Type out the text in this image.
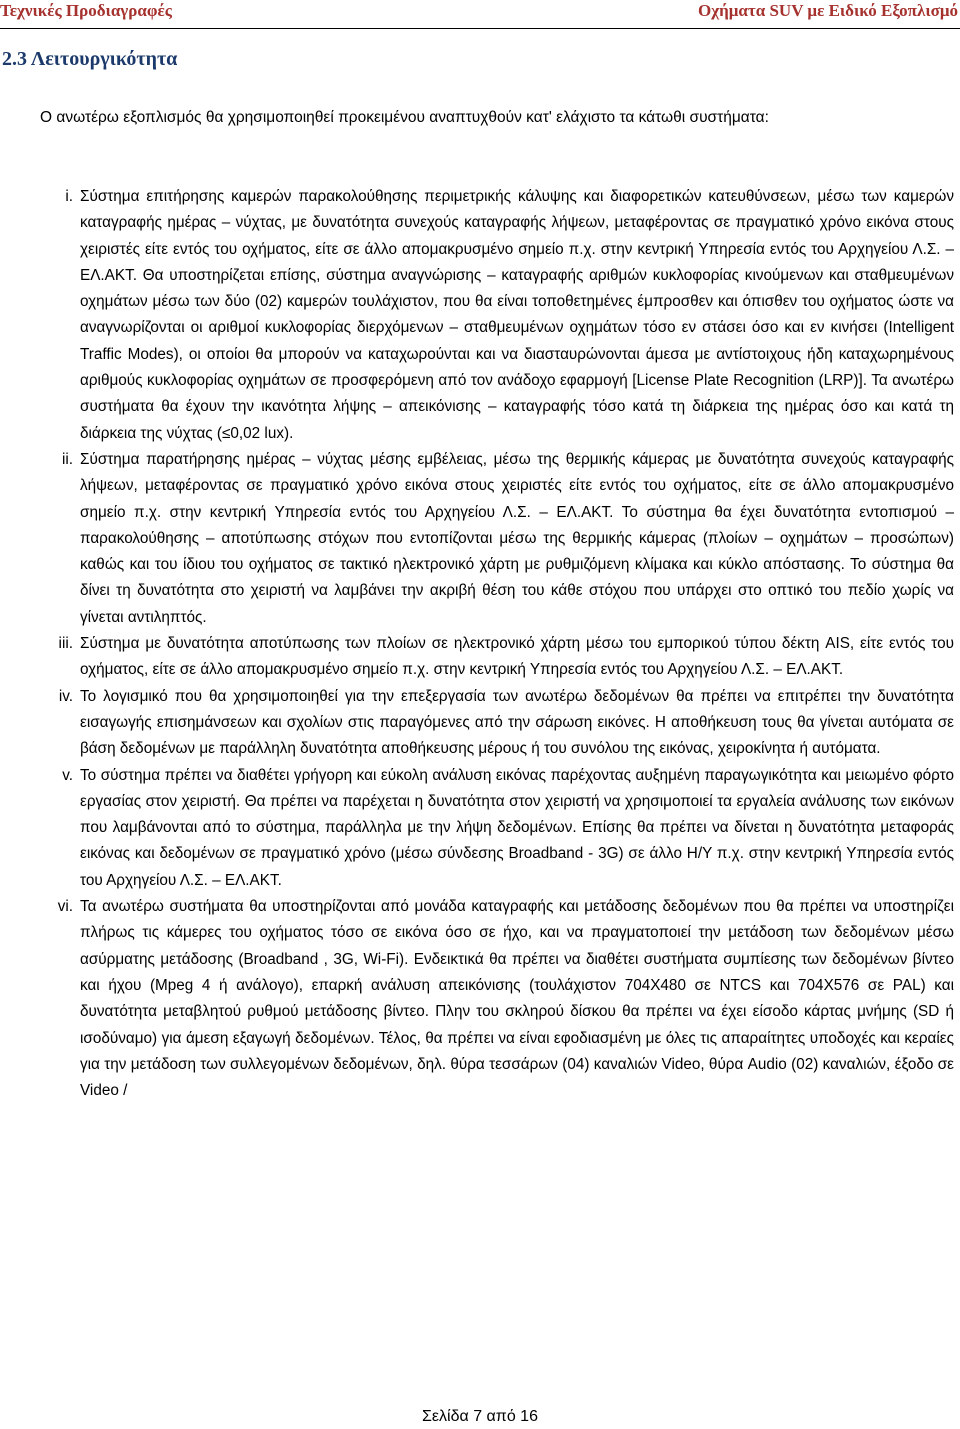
Τεχνικές Προδιαγραφές	Οχήματα SUV με Ειδικό Εξοπλισμό
2.3 Λειτουργικότητα

Ο ανωτέρω εξοπλισμός θα χρησιμοποιηθεί προκειμένου αναπτυχθούν κατ' ελάχιστο τα κάτωθι συστήματα:

i. Σύστημα επιτήρησης καμερών παρακολούθησης περιμετρικής κάλυψης και διαφορετικών κατευθύνσεων, μέσω των καμερών καταγραφής ημέρας – νύχτας, με δυνατότητα συνεχούς καταγραφής λήψεων, μεταφέροντας σε πραγματικό χρόνο εικόνα στους χειριστές είτε εντός του οχήματος, είτε σε άλλο απομακρυσμένο σημείο π.χ. στην κεντρική Υπηρεσία εντός του Αρχηγείου Λ.Σ. – ΕΛ.ΑΚΤ. Θα υποστηρίζεται επίσης, σύστημα αναγνώρισης – καταγραφής αριθμών κυκλοφορίας κινούμενων και σταθμευμένων οχημάτων μέσω των δύο (02) καμερών τουλάχιστον, που θα είναι τοποθετημένες έμπροσθεν και όπισθεν του οχήματος ώστε να αναγνωρίζονται οι αριθμοί κυκλοφορίας διερχόμενων – σταθμευμένων οχημάτων τόσο εν στάσει όσο και εν κινήσει (Intelligent Traffic Modes), οι οποίοι θα μπορούν να καταχωρούνται και να διασταυρώνονται άμεσα με αντίστοιχους ήδη καταχωρημένους αριθμούς κυκλοφορίας οχημάτων σε προσφερόμενη από τον ανάδοχο εφαρμογή [License Plate Recognition (LRP)]. Τα ανωτέρω συστήματα θα έχουν την ικανότητα λήψης – απεικόνισης – καταγραφής τόσο κατά τη διάρκεια της ημέρας όσο και κατά τη διάρκεια της νύχτας (≤0,02 lux).
ii. Σύστημα παρατήρησης ημέρας – νύχτας μέσης εμβέλειας, μέσω της θερμικής κάμερας με δυνατότητα συνεχούς καταγραφής λήψεων, μεταφέροντας σε πραγματικό χρόνο εικόνα στους χειριστές είτε εντός του οχήματος, είτε σε άλλο απομακρυσμένο σημείο π.χ. στην κεντρική Υπηρεσία εντός του Αρχηγείου Λ.Σ. – ΕΛ.ΑΚΤ. Το σύστημα θα έχει δυνατότητα εντοπισμού – παρακολούθησης – αποτύπωσης στόχων που εντοπίζονται μέσω της θερμικής κάμερας (πλοίων – οχημάτων – προσώπων) καθώς και του ίδιου του οχήματος σε τακτικό ηλεκτρονικό χάρτη με ρυθμιζόμενη κλίμακα και κύκλο απόστασης. Το σύστημα θα δίνει τη δυνατότητα στο χειριστή να λαμβάνει την ακριβή θέση του κάθε στόχου που υπάρχει στο οπτικό του πεδίο χωρίς να γίνεται αντιληπτός.
iii. Σύστημα με δυνατότητα αποτύπωσης των πλοίων σε ηλεκτρονικό χάρτη μέσω του εμπορικού τύπου δέκτη AIS, είτε εντός του οχήματος, είτε σε άλλο απομακρυσμένο σημείο π.χ. στην κεντρική Υπηρεσία εντός του Αρχηγείου Λ.Σ. – ΕΛ.ΑΚΤ.
iv. Το λογισμικό που θα χρησιμοποιηθεί για την επεξεργασία των ανωτέρω δεδομένων θα πρέπει να επιτρέπει την δυνατότητα εισαγωγής επισημάνσεων και σχολίων στις παραγόμενες από την σάρωση εικόνες. Η αποθήκευση τους θα γίνεται αυτόματα σε βάση δεδομένων με παράλληλη δυνατότητα αποθήκευσης μέρους ή του συνόλου της εικόνας, χειροκίνητα ή αυτόματα.
v. Το σύστημα πρέπει να διαθέτει γρήγορη και εύκολη ανάλυση εικόνας παρέχοντας αυξημένη παραγωγικότητα και μειωμένο φόρτο εργασίας στον χειριστή. Θα πρέπει να παρέχεται η δυνατότητα στον χειριστή να χρησιμοποιεί τα εργαλεία ανάλυσης των εικόνων που λαμβάνονται από το σύστημα, παράλληλα με την λήψη δεδομένων. Επίσης θα πρέπει να δίνεται η δυνατότητα μεταφοράς εικόνας και δεδομένων σε πραγματικό χρόνο (μέσω σύνδεσης Broadband - 3G) σε άλλο Η/Υ π.χ. στην κεντρική Υπηρεσία εντός του Αρχηγείου Λ.Σ. – ΕΛ.ΑΚΤ.
vi. Τα ανωτέρω συστήματα θα υποστηρίζονται από μονάδα καταγραφής και μετάδοσης δεδομένων που θα πρέπει να υποστηρίζει πλήρως τις κάμερες του οχήματος τόσο σε εικόνα όσο σε ήχο, και να πραγματοποιεί την μετάδοση των δεδομένων μέσω ασύρματης μετάδοσης (Broadband , 3G, Wi-Fi). Ενδεικτικά θα πρέπει να διαθέτει συστήματα συμπίεσης των δεδομένων βίντεο και ήχου (Mpeg 4 ή ανάλογο), επαρκή ανάλυση απεικόνισης (τουλάχιστον 704Χ480 σε NTCS και 704Χ576 σε PAL) και δυνατότητα μεταβλητού ρυθμού μετάδοσης βίντεο. Πλην του σκληρού δίσκου θα πρέπει να έχει είσοδο κάρτας μνήμης (SD ή ισοδύναμο) για άμεση εξαγωγή δεδομένων. Τέλος, θα πρέπει να είναι εφοδιασμένη με όλες τις απαραίτητες υποδοχές και κεραίες για την μετάδοση των συλλεγομένων δεδομένων, δηλ. θύρα τεσσάρων (04) καναλιών Video, θύρα Audio (02) καναλιών, έξοδο σε Video /
Σελίδα 7 από 16
